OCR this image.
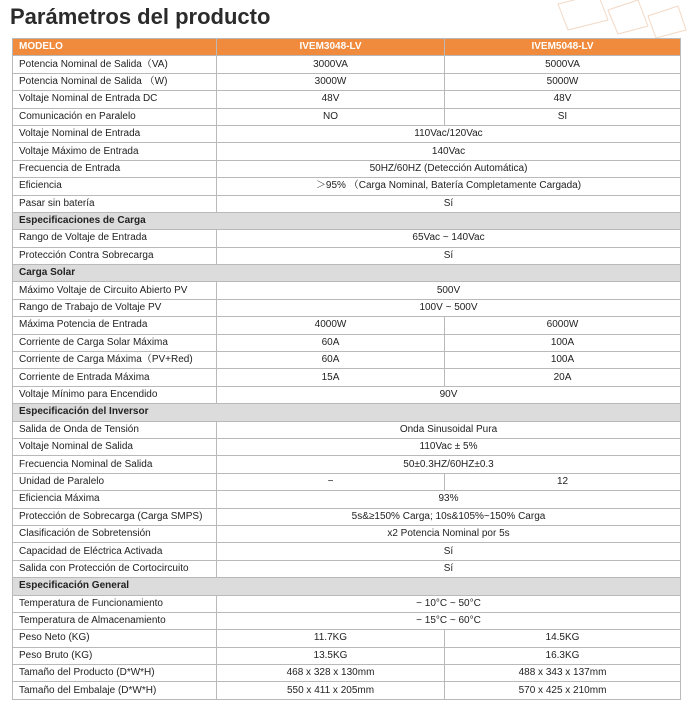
Parámetros del producto
MODELO	IVEM3048-LV	IVEM5048-LV
Potencia Nominal de Salida（VA)	3000VA	5000VA
Potencia Nominal de Salida （W)	3000W	5000W
Voltaje Nominal de Entrada DC	48V	48V
Comunicación en Paralelo	NO	SI
Voltaje Nominal de Entrada	110Vac/120Vac	
Voltaje Máximo de Entrada	140Vac	
Frecuencia de Entrada	50HZ/60HZ (Detección Automática)	
Eficiencia	＞95% （Carga Nominal, Batería Completamente Cargada)	
Pasar sin batería	Sí	
Especificaciones de Carga		
Rango de Voltaje de Entrada	65Vac ~ 140Vac	
Protección Contra Sobrecarga	Sí	
Carga Solar		
Máximo Voltaje de Circuito Abierto PV	500V	
Rango de Trabajo de Voltaje PV	100V ~ 500V	
Máxima Potencia de Entrada	4000W	6000W
Corriente de Carga Solar Máxima	60A	100A
Corriente de Carga Máxima（PV+Red)	60A	100A
Corriente de Entrada Máxima	15A	20A
Voltaje Mínimo para Encendido	90V	
Especificación del Inversor		
Salida de Onda de Tensión	Onda Sinusoidal Pura	
Voltaje Nominal de Salida	110Vac ± 5%	
Frecuencia Nominal de Salida	50±0.3HZ/60HZ±0.3	
Unidad de Paralelo	−	12
Eficiencia Máxima	93%	
Protección de Sobrecarga (Carga SMPS)	5s&≥150% Carga; 10s&105%~150% Carga	
Clasificación de Sobretensión	x2 Potencia Nominal por 5s	
Capacidad de Eléctrica Activada	Sí	
Salida con Protección de Cortocircuito	Sí	
Especificación General		
Temperatura de Funcionamiento	− 10°C ~ 50°C	
Temperatura de Almacenamiento	− 15°C ~ 60°C	
Peso Neto (KG)	11.7KG	14.5KG
Peso Bruto (KG)	13.5KG	16.3KG
Tamaño del Producto (D*W*H)	468 x 328 x 130mm	488 x 343 x 137mm
Tamaño del Embalaje (D*W*H)	550 x 411 x 205mm	570 x 425 x 210mm
